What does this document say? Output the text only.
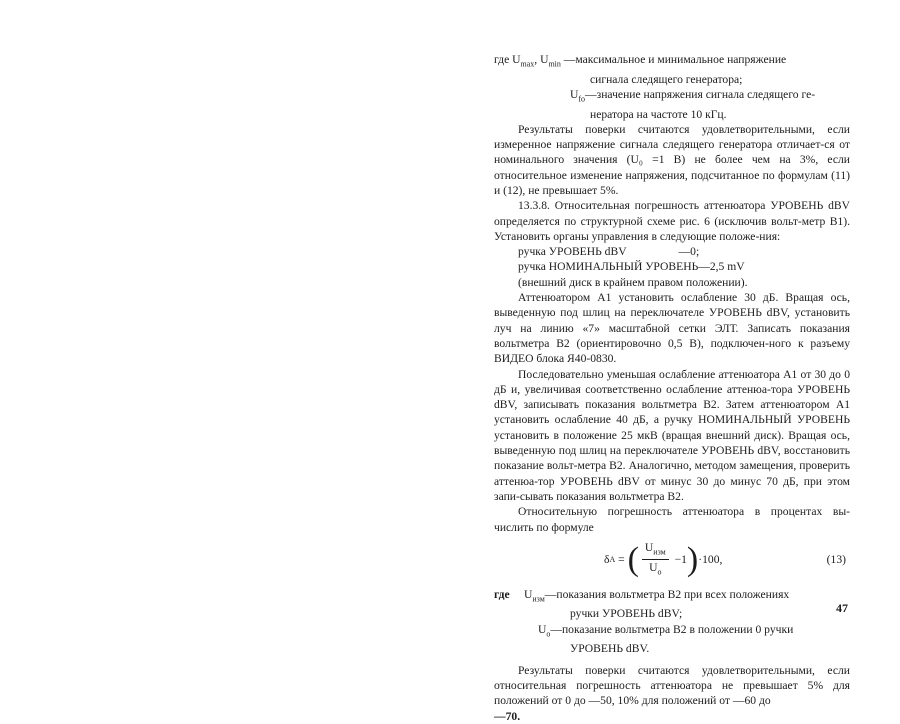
где $U_{max}$, $U_{min}$ —максимальное и минимальное напряжение

сигнала следящего генератора;

$U_{fo}—значение$ напряжения сигнала следящего ге-

нератора на частоте 10 кГц.

Результаты поверки считаются удовлетворительными, если измеренное напряжение сигнала следящего генератора отличает-ся от номинального значения (U₀ =1 В) не более чем на 3%, если относительное изменение напряжения, подсчитанное по формулам (11) и (12), не превышает 5%.

13.3.8. Относительная погрешность аттенюатора УРОВЕНЬ dBV определяется по структурной схеме рис. 6 (исключив вольт-метр В1). Установить органы управления в следующие положе-ния:

ручка УРОВЕНЬ dBV                  —0;

ручка НОМИНАЛЬНЫЙ УРОВЕНЬ—2,5 mV

(внешний диск в крайнем правом положении).

Аттенюатором А1 установить ослабление 30 дБ. Вращая ось, выведенную под шлиц на переключателе УРОВЕНЬ dBV, установить луч на линию «7» масштабной сетки ЭЛТ. Записать показания вольтметра В2 (ориентировочно 0,5 В), подключен-ного к разъему ВИДЕО блока Я40-0830.

Последовательно уменьшая ослабление аттенюатора А1 от 30 до 0 дБ и, увеличивая соответственно ослабление аттенюа-тора УРОВЕНЬ dBV, записывать показания вольтметра В2. Затем аттенюатором А1 установить ослабление 40 дБ, а ручку НОМИНАЛЬНЫЙ УРОВЕНЬ установить в положение 25 мкВ (вращая внешний диск). Вращая ось, выведенную под шлиц на переключателе УРОВЕНЬ dBV, восстановить показание вольт-метра В2. Аналогично, методом замещения, проверить аттенюа-тор УРОВЕНЬ dBV от минус 30 до минус 70 дБ, при этом запи-сывать показания вольтметра В2.

Относительную погрешность аттенюатора в процентах вы-числить по формуле

δ A = ( $\frac{U_{изм}}{U_o} -1$ ) ·100,	(13)
где	$U_{изм}—показания$ вольтметра В2 при всех положениях

ручки УРОВЕНЬ dBV;

$U_o—показание$ вольтметра В2 в положении 0 ручки

УРОВЕНЬ dBV.

Результаты поверки считаются удовлетворительными, если относительная погрешность аттенюатора не превышает 5% для положений от 0 до —50, 10% для положений от —60 до

—70.

47
